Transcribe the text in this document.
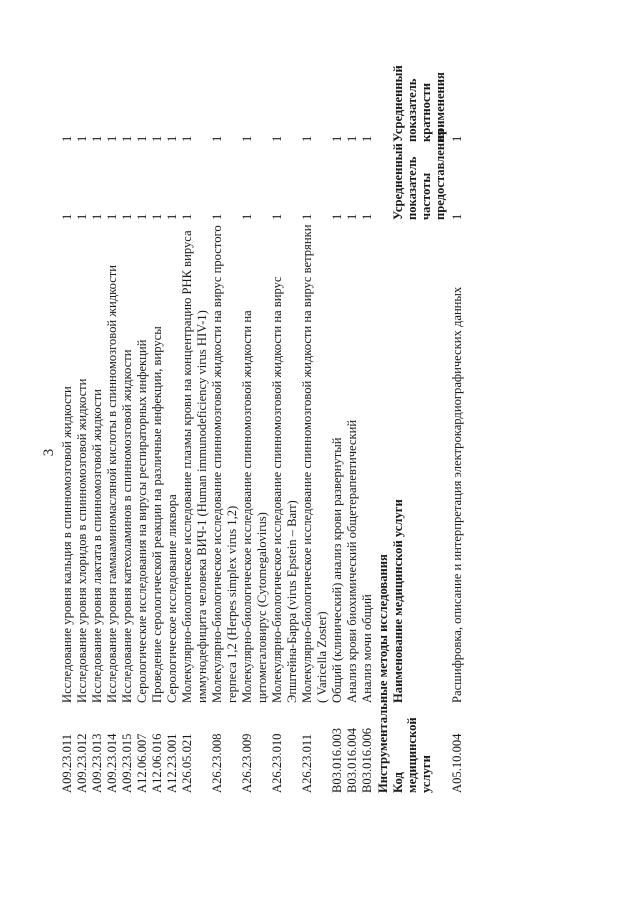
3
A09.23.011	Исследование уровня кальция в спинномозговой жидкости	1	1
A09.23.012	Исследование уровня хлоридов в спинномозговой жидкости	1	1
A09.23.013	Исследование уровня лактата в спинномозговой жидкости	1	1
A09.23.014	Исследование уровня гаммааминомасляной кислоты в спинномозговой жидкости	1	1
A09.23.015	Исследование уровня катехоламинов в спинномозговой жидкости	1	1
A12.06.007	Серологические исследования на вирусы респираторных инфекций	1	1
A12.06.016	Проведение серологической реакции на различные инфекции, вирусы	1	1
A12.23.001	Серологическое исследование ликвора	1	1
A26.05.021	Молекулярно-биологическое исследование плазмы крови на концентрацию РНК вируса иммунодефицита человека ВИЧ-1 (Human immunodeficiency virus HIV-1)	1	1
A26.23.008	Молекулярно-биологическое исследование спинномозговой жидкости на вирус простого герпеса 1,2 (Herpes simplex virus 1,2)	1	1
A26.23.009	Молекулярно-биологическое исследование спинномозговой жидкости на цитомегаловирус (Cytomegalovirus)	1	1
A26.23.010	Молекулярно-биологическое исследование спинномозговой жидкости на вирус Эпштейна-Барра (virus Epstein – Barr)	1	1
A26.23.011	Молекулярно-биологическое исследование спинномозговой жидкости на вирус ветрянки ( Varicella Zoster)	1	1
B03.016.003	Общий (клинический) анализ крови развернутый	1	1
B03.016.004	Анализ крови биохимический общетерапевтический	1	1
B03.016.006	Анализ мочи общий	1	1
Инструментальные методы исследования			
Код медицинской услуги	Наименование медицинской услуги	Усредненный показатель частоты предоставления	Усредненный показатель кратности применения
A05.10.004	Расшифровка, описание и интерпретация электрокардиографических данных	1	1
